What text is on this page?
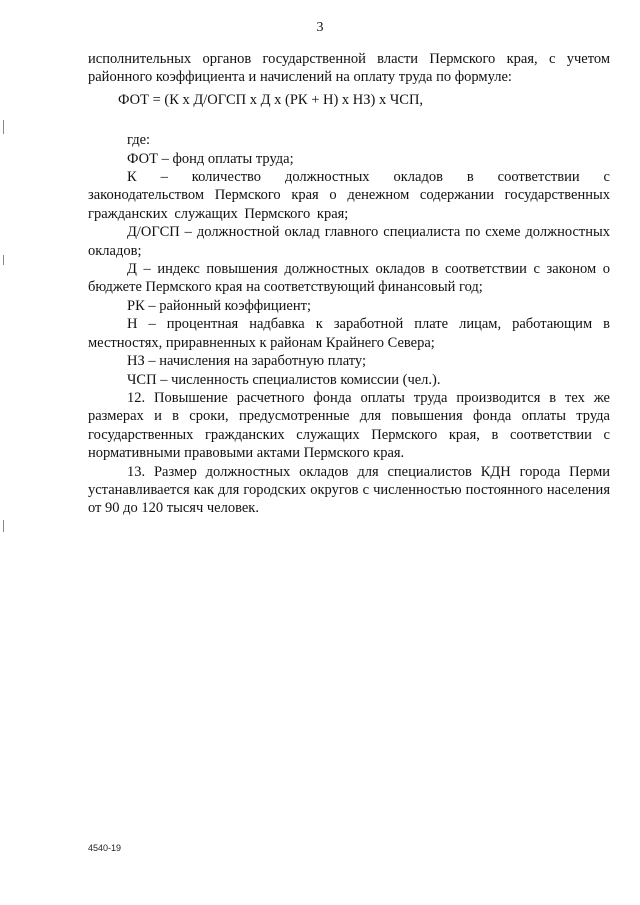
3

исполнительных органов государственной власти Пермского края, с учетом районного коэффициента и начислений на оплату труда по формуле:

ФОТ = (К х Д/ОГСП х Д х (РК + Н) х НЗ) х ЧСП,

где:

ФОТ – фонд оплаты труда;

К – количество должностных окладов в соответствии с законодательством Пермского края о денежном содержании государственных гражданских служащих Пермского края;

Д/ОГСП – должностной оклад главного специалиста по схеме должностных окладов;

Д – индекс повышения должностных окладов в соответствии с законом о бюджете Пермского края на соответствующий финансовый год;

РК – районный коэффициент;

Н – процентная надбавка к заработной плате лицам, работающим в местностях, приравненных к районам Крайнего Севера;

НЗ – начисления на заработную плату;

ЧСП – численность специалистов комиссии (чел.).

12. Повышение расчетного фонда оплаты труда производится в тех же размерах и в сроки, предусмотренные для повышения фонда оплаты труда государственных гражданских служащих Пермского края, в соответствии с нормативными правовыми актами Пермского края.

13. Размер должностных окладов для специалистов КДН города Перми устанавливается как для городских округов с численностью постоянного населения от 90 до 120 тысяч человек.

4540-19
